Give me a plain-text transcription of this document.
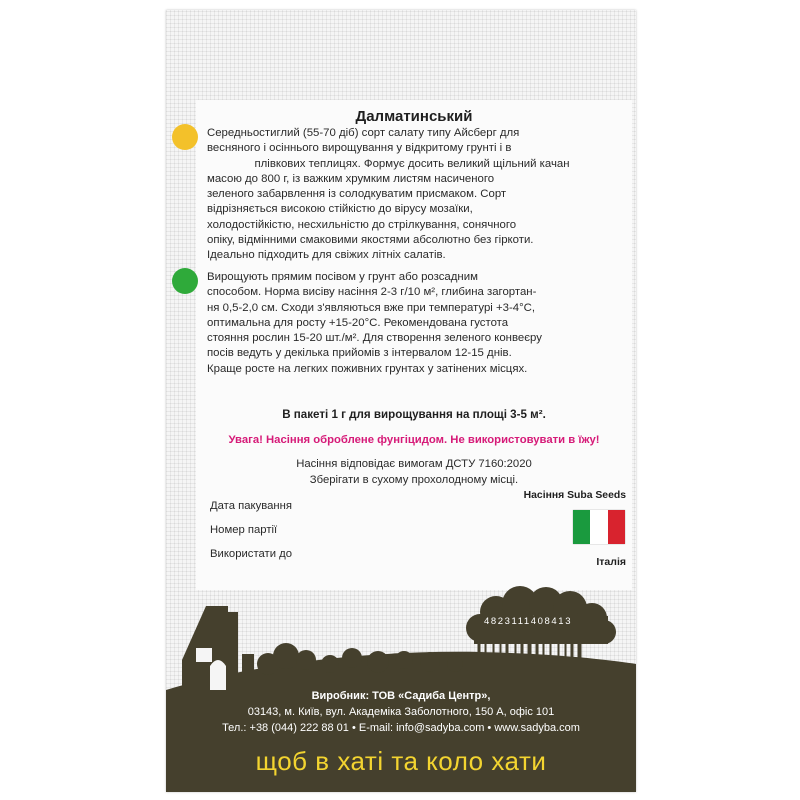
Далматинський
Середньостиглий (55-70 діб) сорт салату типу Айсберг для
весняного і осіннього вирощування у відкритому грунті і в
плівкових теплицях. Формує досить великий щільний качан
масою до 800 г, із важким хрумким листям насиченого
зеленого забарвлення із солодкуватим присмаком. Сорт
відрізняється високою стійкістю до вірусу мозаїки,
холодостійкістю, несхильністю до стрілкування, сонячного
опіку, відмінними смаковими якостями абсолютно без гіркоти.
Ідеально підходить для свіжих літніх салатів.
Вирощують прямим посівом у грунт або розсадним
способом. Норма висіву насіння 2-3 г/10 м², глибина загортан-
ня 0,5-2,0 см. Сходи з'являються вже при температурі +3-4°С,
оптимальна для росту +15-20°С. Рекомендована густота
стояння рослин 15-20 шт./м². Для створення зеленого конвеєру
посів ведуть у декілька прийомів з інтервалом 12-15 днів.
Краще росте на легких поживних грунтах у затінених місцях.
В пакеті 1 г для вирощування на площі 3-5 м².
Увага! Насіння оброблене фунгіцидом. Не використовувати в їжу!
Насіння відповідає вимогам ДСТУ 7160:2020
Зберігати в сухому прохолодному місці.
Дата пакування
Номер партії
Використати до
Насіння Suba Seeds
Італія
4823111408413
Виробник: ТОВ «Садиба Центр»,
03143, м. Київ, вул. Академіка Заболотного, 150 А, офіс 101
Тел.: +38 (044) 222 88 01 • E-mail: info@sadyba.com • www.sadyba.com
щоб в хаті та коло хати
